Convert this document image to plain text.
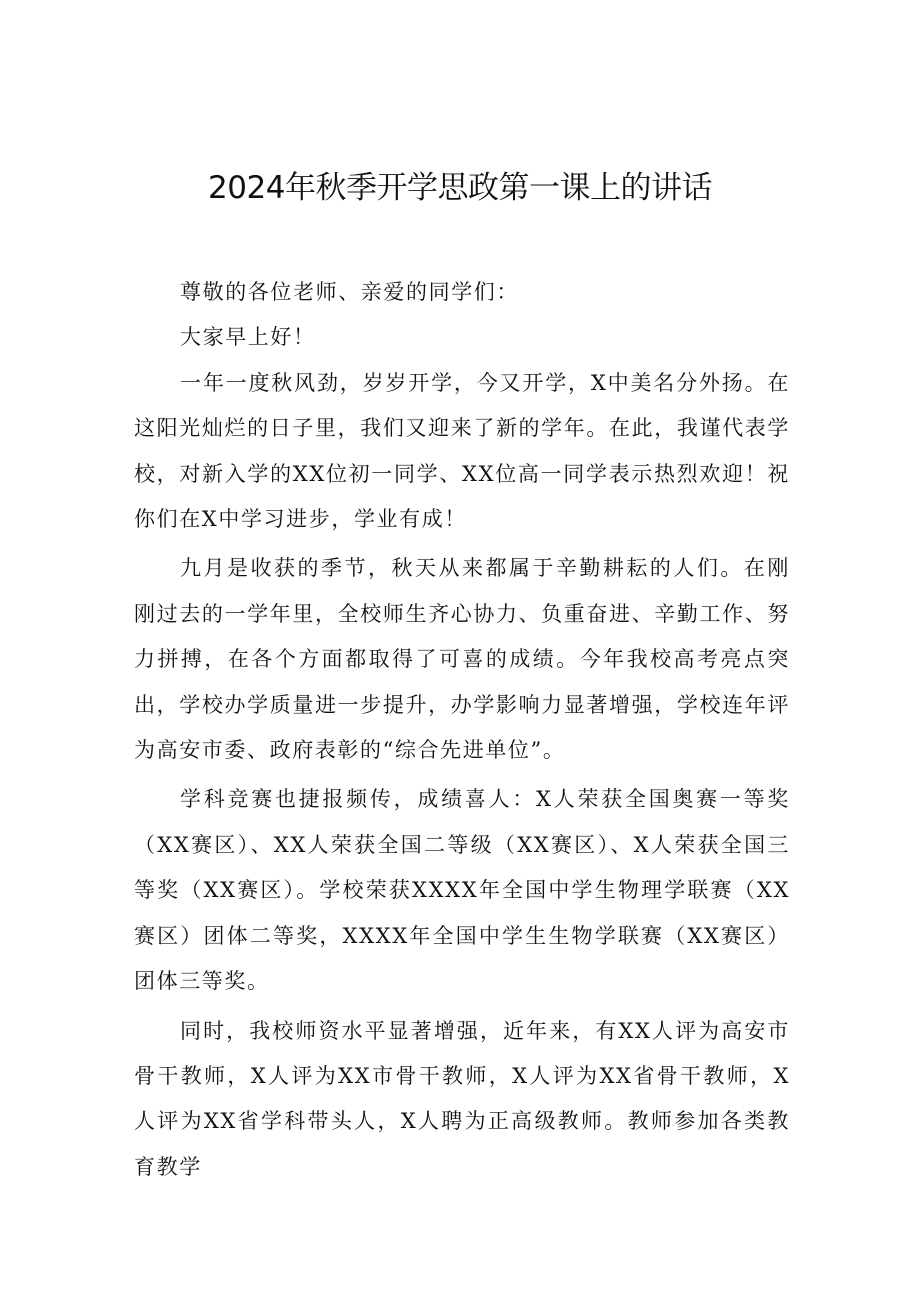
2024年秋季开学思政第一课上的讲话

尊敬的各位老师、亲爱的同学们：

大家早上好！

一年一度秋风劲，岁岁开学，今又开学，X中美名分外扬。在这阳光灿烂的日子里，我们又迎来了新的学年。在此，我谨代表学校，对新入学的XX位初一同学、XX位高一同学表示热烈欢迎！祝你们在X中学习进步，学业有成！

九月是收获的季节，秋天从来都属于辛勤耕耘的人们。在刚刚过去的一学年里，全校师生齐心协力、负重奋进、辛勤工作、努力拼搏，在各个方面都取得了可喜的成绩。今年我校高考亮点突出，学校办学质量进一步提升，办学影响力显著增强，学校连年评为高安市委、政府表彰的“综合先进单位”。

学科竞赛也捷报频传，成绩喜人：X人荣获全国奥赛一等奖（XX赛区）、XX人荣获全国二等级（XX赛区）、X人荣获全国三等奖（XX赛区）。学校荣获XXXX年全国中学生物理学联赛（XX赛区）团体二等奖，XXXX年全国中学生生物学联赛（XX赛区）团体三等奖。

同时，我校师资水平显著增强，近年来，有XX人评为高安市骨干教师，X人评为XX市骨干教师，X人评为XX省骨干教师，X人评为XX省学科带头人，X人聘为正高级教师。教师参加各类教育教学
